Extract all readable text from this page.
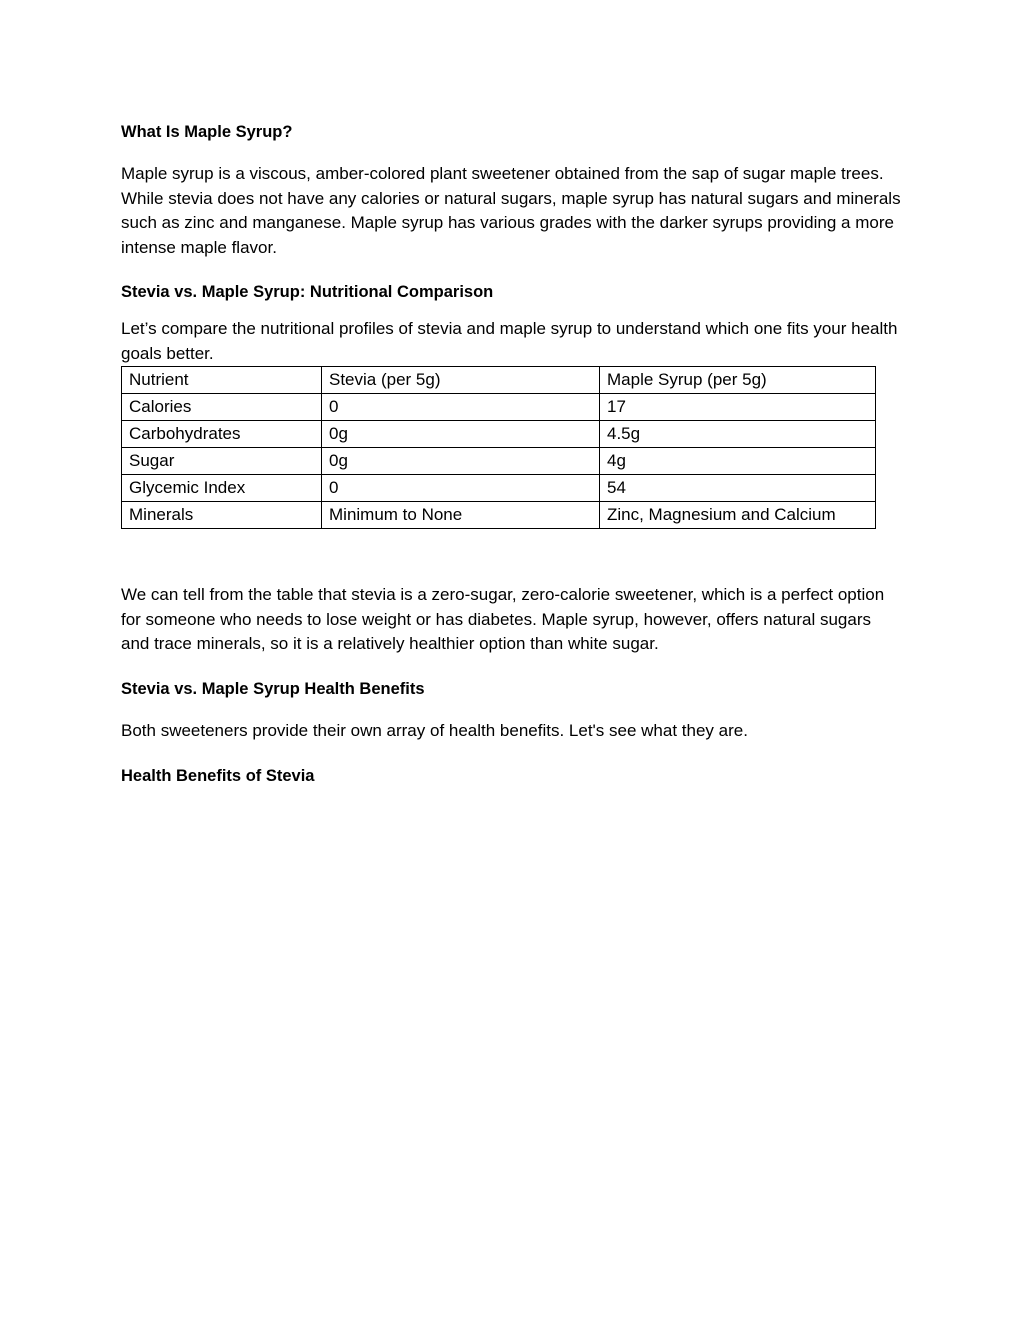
What Is Maple Syrup?
Maple syrup is a viscous, amber-colored plant sweetener obtained from the sap of sugar maple trees. While stevia does not have any calories or natural sugars, maple syrup has natural sugars and minerals such as zinc and manganese. Maple syrup has various grades with the darker syrups providing a more intense maple flavor.
Stevia vs. Maple Syrup: Nutritional Comparison
Let’s compare the nutritional profiles of stevia and maple syrup to understand which one fits your health goals better.
Nutrient	Stevia (per 5g)	Maple Syrup (per 5g)
Calories	0	17
Carbohydrates	0g	4.5g
Sugar	0g	4g
Glycemic Index	0	54
Minerals	Minimum to None	Zinc, Magnesium and Calcium
We can tell from the table that stevia is a zero-sugar, zero-calorie sweetener, which is a perfect option for someone who needs to lose weight or has diabetes. Maple syrup, however, offers natural sugars and trace minerals, so it is a relatively healthier option than white sugar.
Stevia vs. Maple Syrup Health Benefits
Both sweeteners provide their own array of health benefits. Let's see what they are.
Health Benefits of Stevia
